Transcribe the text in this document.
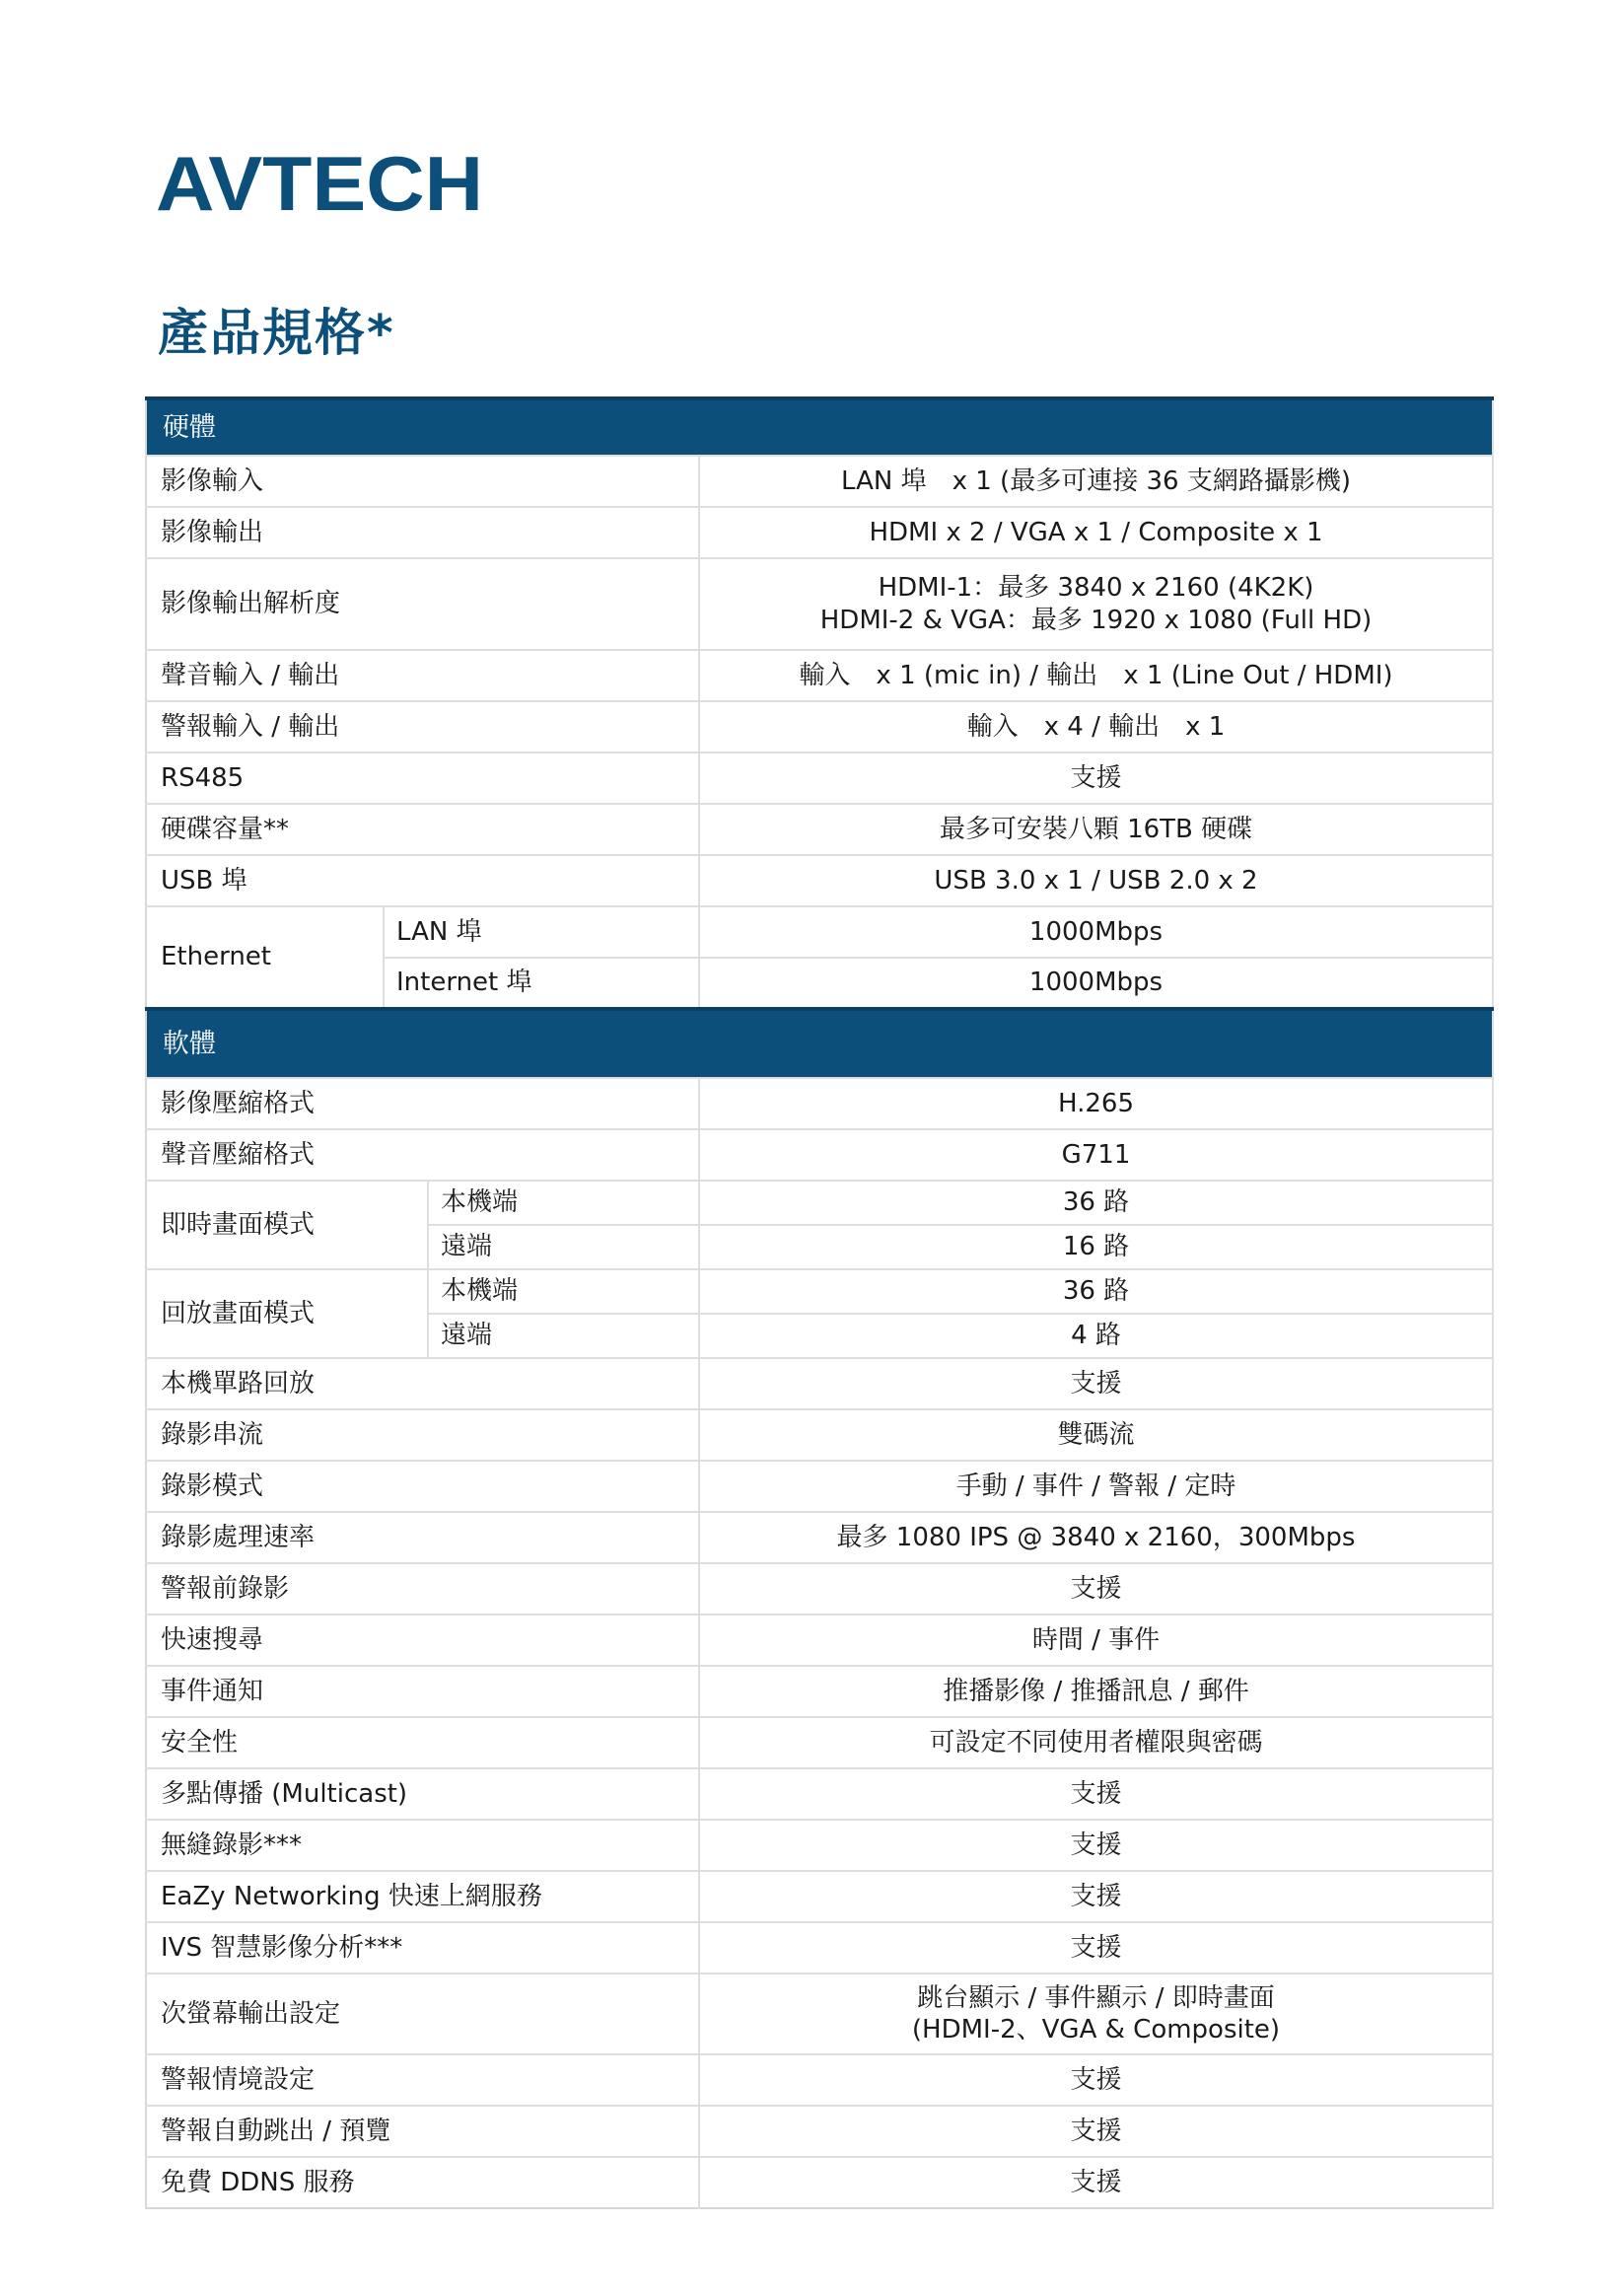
AVTECH
產品規格*
硬體			
影像輸入			LAN 埠　x 1 (最多可連接 36 支網路攝影機)
影像輸出			HDMI x 2 / VGA x 1 / Composite x 1
影像輸出解析度			HDMI-1：最多 3840 x 2160 (4K2K)
HDMI-2 & VGA：最多 1920 x 1080 (Full HD)

聲音輸入 / 輸出			輸入　x 1 (mic in) / 輸出　x 1 (Line Out / HDMI)
警報輸入 / 輸出			輸入　x 4 / 輸出　x 1
RS485			支援
硬碟容量**			最多可安裝八顆 16TB 硬碟
USB 埠			USB 3.0 x 1 / USB 2.0 x 2
Ethernet	LAN 埠		1000Mbps
	Internet 埠		1000Mbps
軟體			
影像壓縮格式			H.265
聲音壓縮格式			G711
即時畫面模式		本機端	36 路
		遠端	16 路
回放畫面模式		本機端	36 路
		遠端	4 路
本機單路回放			支援
錄影串流			雙碼流
錄影模式			手動 / 事件 / 警報 / 定時
錄影處理速率			最多 1080 IPS @ 3840 x 2160，300Mbps
警報前錄影			支援
快速搜尋			時間 / 事件
事件通知			推播影像 / 推播訊息 / 郵件
安全性			可設定不同使用者權限與密碼
多點傳播 (Multicast)			支援
無縫錄影***			支援
EaZy Networking 快速上網服務			支援
IVS 智慧影像分析***			支援
次螢幕輸出設定			跳台顯示 / 事件顯示 / 即時畫面
(HDMI-2、VGA & Composite)

警報情境設定			支援
警報自動跳出 / 預覽			支援
免費 DDNS 服務			支援
